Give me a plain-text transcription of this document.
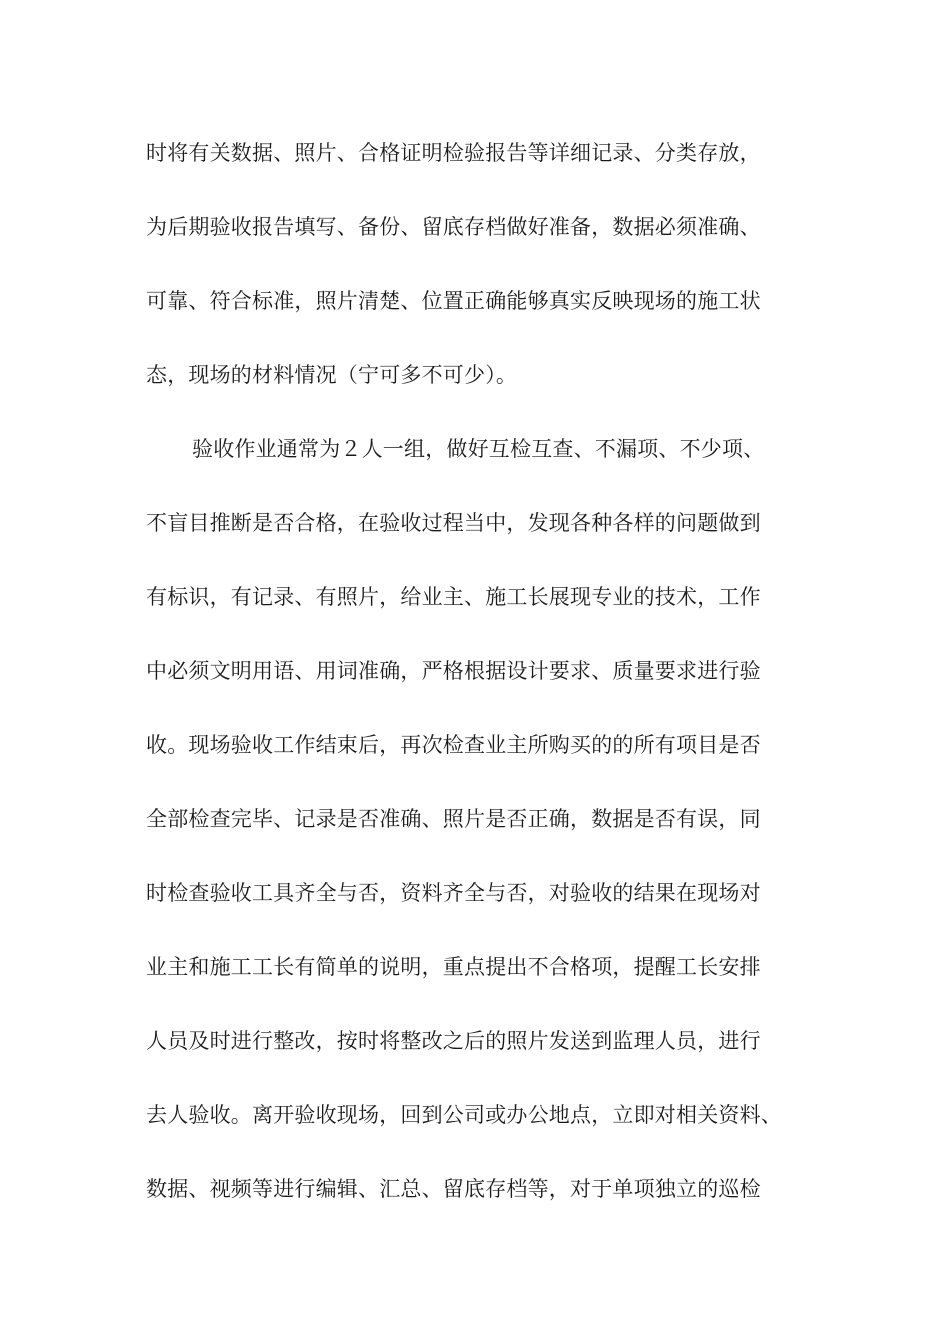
时将有关数据、照片、合格证明检验报告等详细记录、分类存放，
为后期验收报告填写、备份、留底存档做好准备，数据必须准确、
可靠、符合标准，照片清楚、位置正确能够真实反映现场的施工状
态，现场的材料情况（宁可多不可少）。
验收作业通常为２人一组，做好互检互查、不漏项、不少项、
不盲目推断是否合格，在验收过程当中，发现各种各样的问题做到
有标识，有记录、有照片，给业主、施工长展现专业的技术，工作
中必须文明用语、用词准确，严格根据设计要求、质量要求进行验
收。现场验收工作结束后，再次检查业主所购买的的所有项目是否
全部检查完毕、记录是否准确、照片是否正确，数据是否有误，同
时检查验收工具齐全与否，资料齐全与否，对验收的结果在现场对
业主和施工工长有简单的说明，重点提出不合格项，提醒工长安排
人员及时进行整改，按时将整改之后的照片发送到监理人员，进行
去人验收。离开验收现场，回到公司或办公地点，立即对相关资料、
数据、视频等进行编辑、汇总、留底存档等，对于单项独立的巡检
